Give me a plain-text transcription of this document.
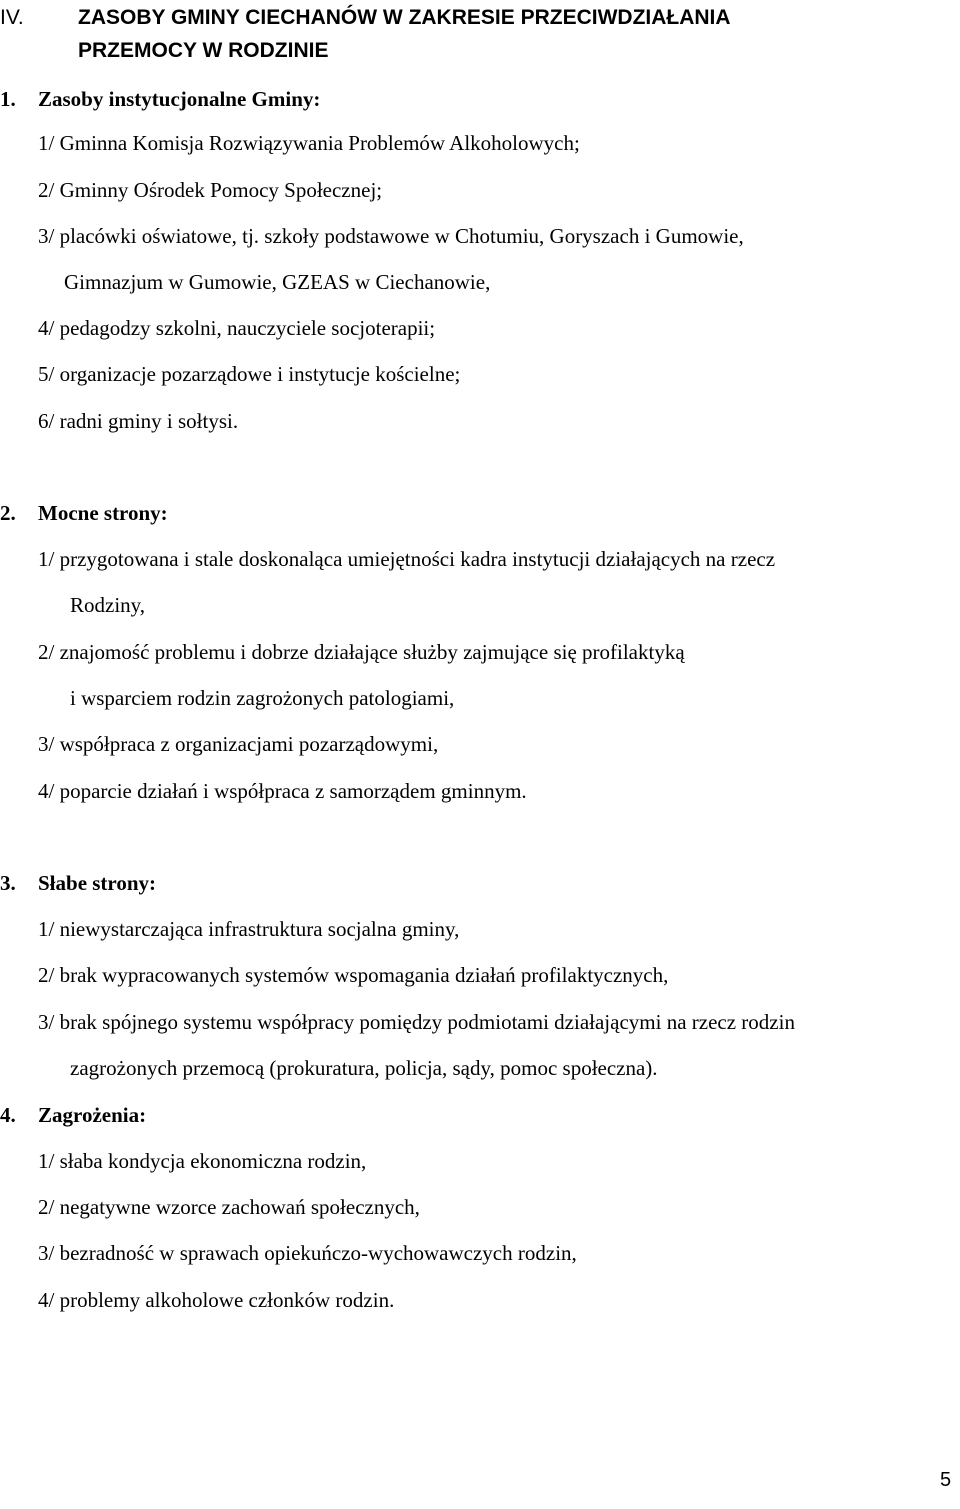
IV.	ZASOBY GMINY CIECHANÓW W ZAKRESIE PRZECIWDZIAŁANIA
PRZEMOCY W RODZINIE
1. Zasoby instytucjonalne Gminy:
1/ Gminna Komisja Rozwiązywania Problemów Alkoholowych;
2/ Gminny Ośrodek Pomocy Społecznej;
3/ placówki oświatowe, tj. szkoły podstawowe w Chotumiu, Goryszach i Gumowie,
Gimnazjum w Gumowie, GZEAS w Ciechanowie,
4/ pedagodzy szkolni, nauczyciele socjoterapii;
5/ organizacje pozarządowe i instytucje kościelne;
6/ radni gminy i sołtysi.
2. Mocne strony:
1/ przygotowana i stale doskonaląca umiejętności kadra instytucji działających na rzecz
Rodziny,
2/ znajomość problemu i dobrze działające służby zajmujące się profilaktyką
i wsparciem rodzin zagrożonych patologiami,
3/ współpraca z organizacjami pozarządowymi,
4/ poparcie działań i współpraca z samorządem gminnym.
3. Słabe strony:
1/ niewystarczająca infrastruktura socjalna gminy,
2/ brak wypracowanych systemów wspomagania działań profilaktycznych,
3/ brak spójnego systemu współpracy pomiędzy podmiotami działającymi na rzecz rodzin
zagrożonych przemocą (prokuratura, policja, sądy, pomoc społeczna).
4. Zagrożenia:
1/ słaba kondycja ekonomiczna rodzin,
2/ negatywne wzorce zachowań społecznych,
3/ bezradność w sprawach opiekuńczo-wychowawczych rodzin,
4/ problemy alkoholowe członków rodzin.
5
